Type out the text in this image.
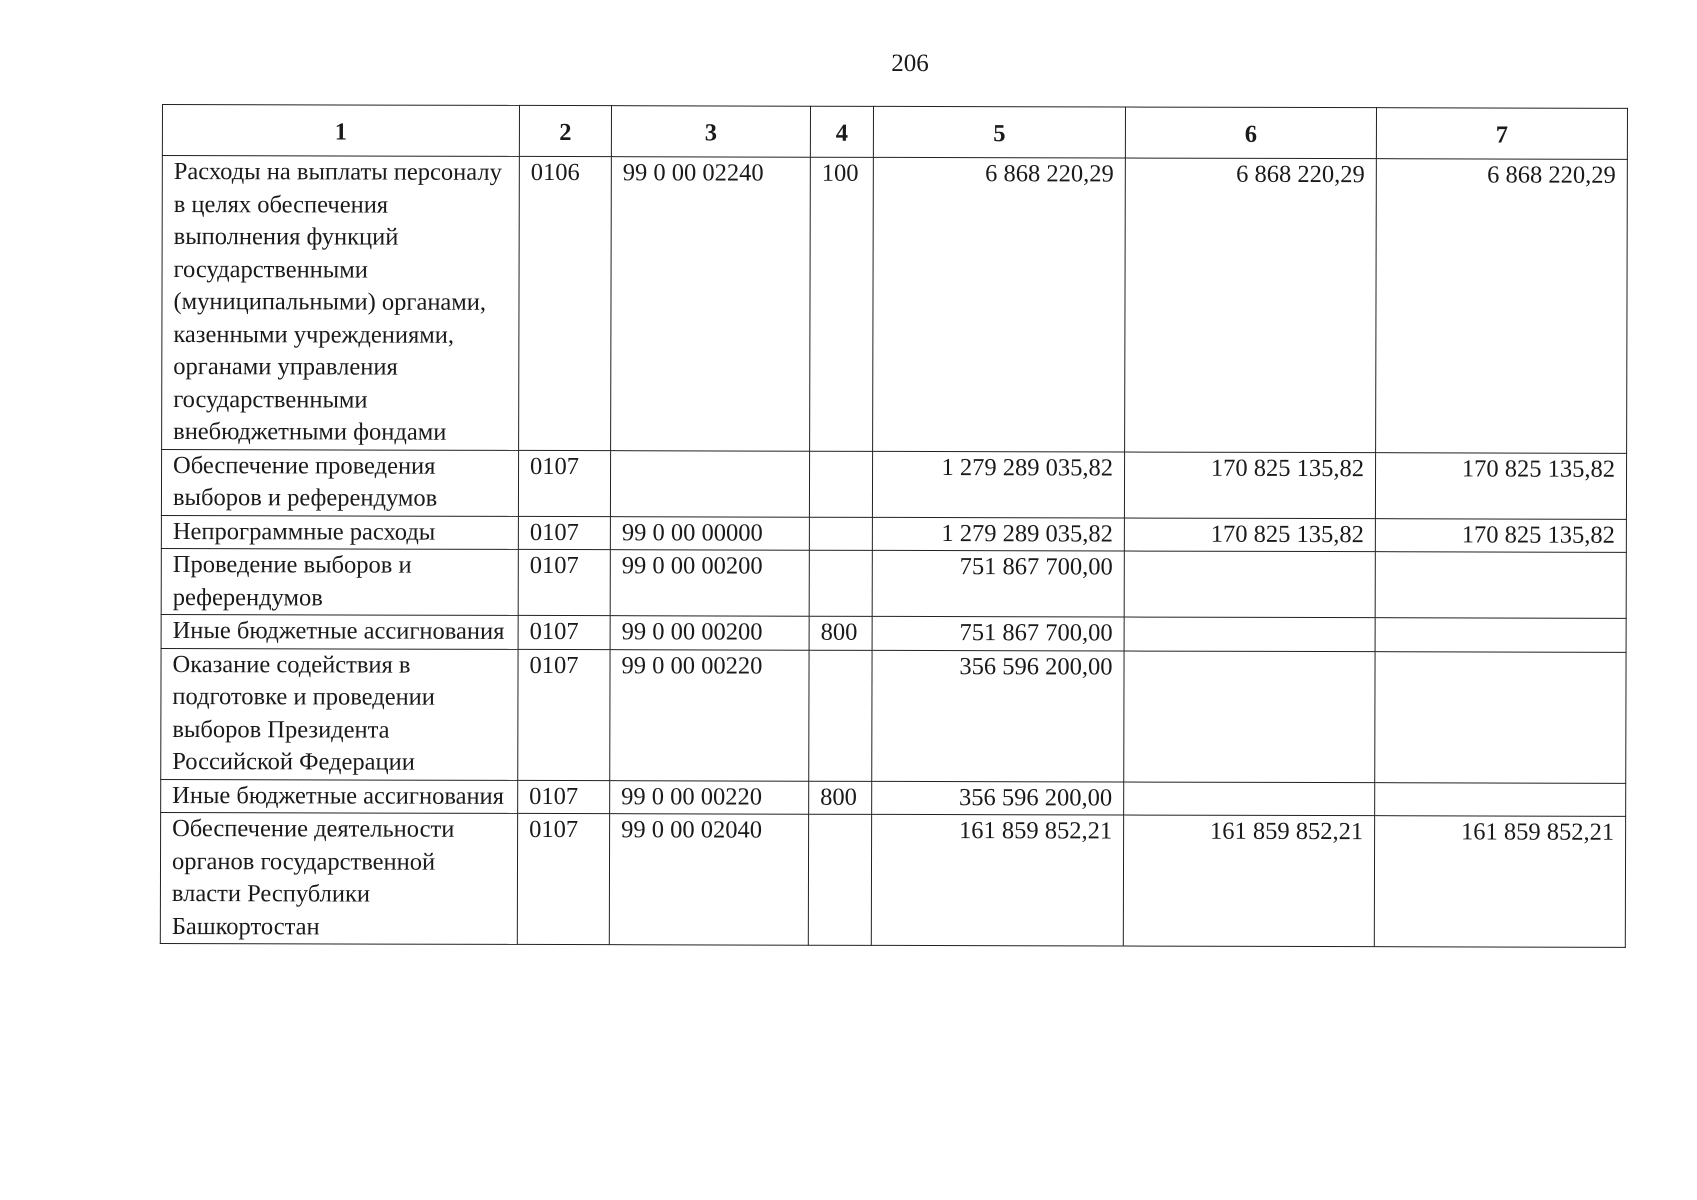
206
1	2	3	4	5	6	7
Расходы на выплаты персоналу в целях обеспечения выполнения функций государственными (муниципальными) органами, казенными учреждениями, органами управления государственными внебюджетными фондами	0106	99 0 00 02240	100	6 868 220,29	6 868 220,29	6 868 220,29
Обеспечение проведения выборов и референдумов	0107			1 279 289 035,82	170 825 135,82	170 825 135,82
Непрограммные расходы	0107	99 0 00 00000		1 279 289 035,82	170 825 135,82	170 825 135,82
Проведение выборов и референдумов	0107	99 0 00 00200		751 867 700,00		
Иные бюджетные ассигнования	0107	99 0 00 00200	800	751 867 700,00		
Оказание содействия в подготовке и проведении выборов Президента Российской Федерации	0107	99 0 00 00220		356 596 200,00		
Иные бюджетные ассигнования	0107	99 0 00 00220	800	356 596 200,00		
Обеспечение деятельности органов государственной власти Республики Башкортостан	0107	99 0 00 02040		161 859 852,21	161 859 852,21	161 859 852,21
